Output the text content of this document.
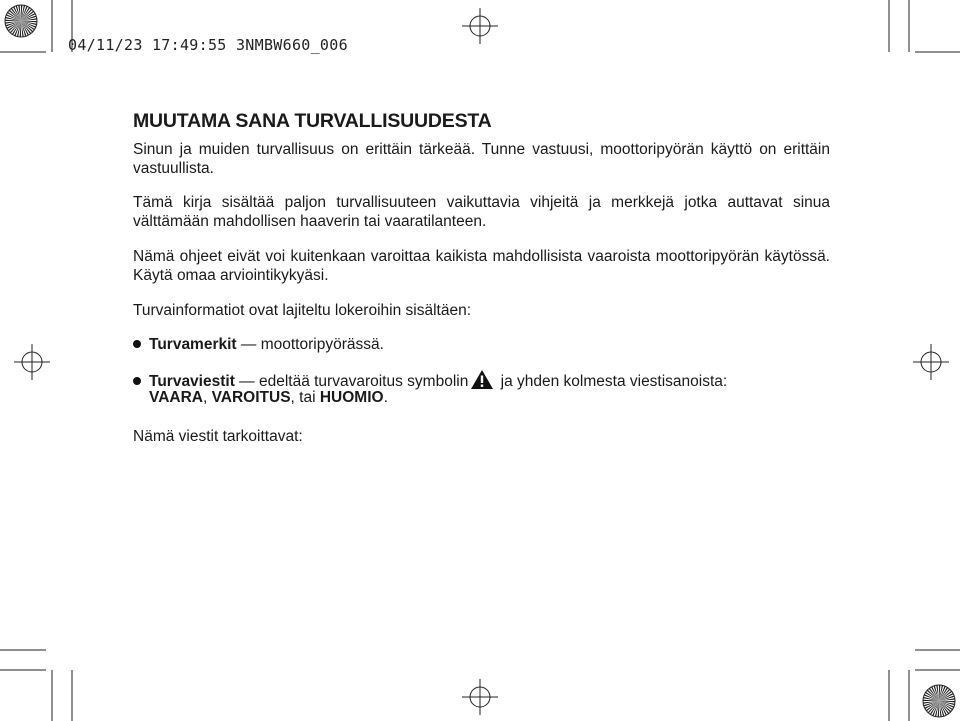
04/11/23 17:49:55 3NMBW660_006
MUUTAMA SANA TURVALLISUUDESTA
Sinun ja muiden turvallisuus on erittäin tärkeää. Tunne vastuusi, moottoripyörän käyttö on erittäin vastuullista.
Tämä kirja sisältää paljon turvallisuuteen vaikuttavia vihjeitä ja merkkejä jotka auttavat sinua välttämään mahdollisen haaverin tai vaaratilanteen.
Nämä ohjeet eivät voi kuitenkaan varoittaa kaikista mahdollisista vaaroista moottoripyörän käytössä. Käytä omaa arviointikykyäsi.
Turvainformatiot ovat lajiteltu lokeroihin sisältäen:
Turvamerkit — moottoripyörässä.
Turvaviestit — edeltää turvavaroitus symbolin ja yhden kolmesta viestisanoista:
VAARA, VAROITUS, tai HUOMIO.
Nämä viestit tarkoittavat:
